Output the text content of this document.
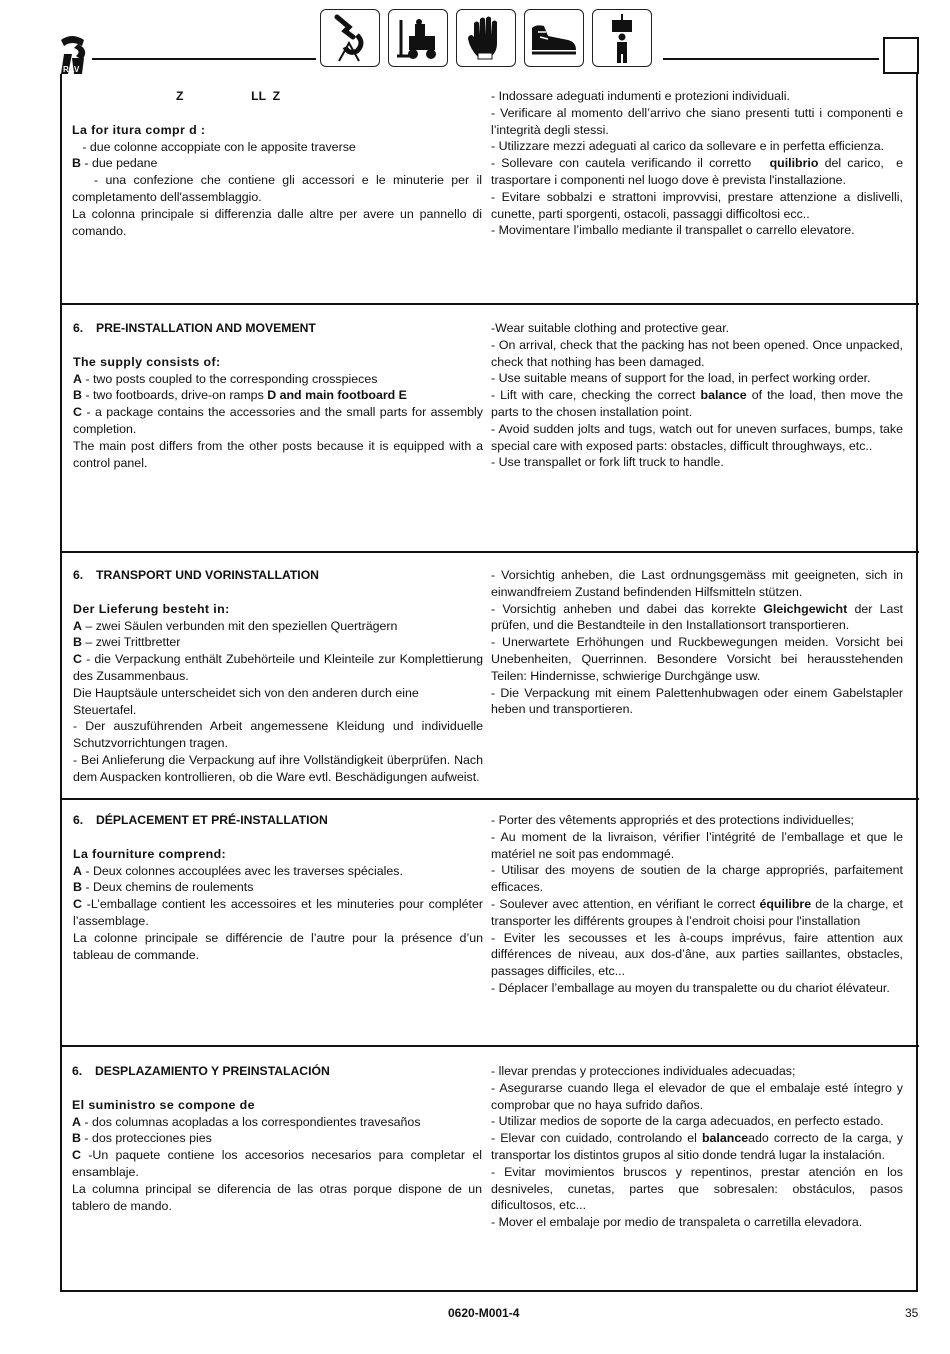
RAV
Z                    LL  Z
La for itura compr d :
- due colonne accoppiate con le apposite traverse
B - due pedane
- una confezione che contiene gli accessori e le minuterie per il completamento dell'assemblaggio.
La colonna principale si differenzia dalle altre per avere un pannello di comando.
- Indossare adeguati indumenti e protezioni individuali.
- Verificare al momento dell’arrivo che siano presenti tutti i componenti e l’integrità degli stessi.
- Utilizzare mezzi adeguati al carico da sollevare e in perfetta efficienza.
- Sollevare con cautela verificando il corretto   quilibrio del carico,  e trasportare i componenti nel luogo dove è prevista l'installazione.
- Evitare sobbalzi e strattoni improvvisi, prestare attenzione a dislivelli, cunette, parti sporgenti, ostacoli, passaggi difficoltosi ecc..
- Movimentare l’imballo mediante il transpallet o carrello elevatore.
6. PRE-INSTALLATION AND MOVEMENT
The supply consists of:
A - two posts coupled to the corresponding crosspieces
B - two footboards, drive-on ramps D and main footboard E
C - a package contains the accessories and the small parts for assembly completion.
The main post differs from the other posts because it is equipped with a control panel.
-Wear suitable clothing and protective gear.
- On arrival, check that the packing has not been opened. Once unpacked, check that nothing has been damaged.
- Use suitable means of support for the load, in perfect working order.
- Lift with care, checking the correct balance of the load, then move the parts to the chosen installation point.
- Avoid sudden jolts and tugs, watch out for uneven surfaces, bumps, take special care with exposed parts: obstacles, difficult throughways, etc..
- Use transpallet or fork lift truck to handle.
6. TRANSPORT UND VORINSTALLATION
Der Lieferung besteht in:
A – zwei Säulen verbunden mit den speziellen Querträgern
B – zwei Trittbretter
C - die Verpackung enthält Zubehörteile und Kleinteile zur Komplettierung des Zusammenbaus.
Die Hauptsäule unterscheidet sich von den anderen durch eine Steuertafel.
- Der auszuführenden Arbeit angemessene Kleidung und individuelle Schutzvorrichtungen tragen.
- Bei Anlieferung die Verpackung auf ihre Vollständigkeit überprüfen. Nach dem Auspacken kontrollieren, ob die Ware evtl. Beschädigungen aufweist.
- Vorsichtig anheben, die Last ordnungsgemäss mit geeigneten, sich in einwandfreiem Zustand befindenden Hilfsmitteln stützen.
- Vorsichtig anheben und dabei das korrekte Gleichgewicht der Last prüfen, und die Bestandteile in den Installationsort transportieren.
- Unerwartete Erhöhungen und Ruckbewegungen meiden. Vorsicht bei Unebenheiten, Querrinnen. Besondere Vorsicht bei herausstehenden Teilen: Hindernisse, schwierige Durchgänge usw.
- Die Verpackung mit einem Palettenhubwagen oder einem Gabelstapler heben und transportieren.
6. DÉPLACEMENT ET PRÉ-INSTALLATION
La fourniture comprend:
A - Deux colonnes accouplées avec les traverses spéciales.
B - Deux chemins de roulements
C -L’emballage contient les accessoires et les minuteries pour compléter l’assemblage.
La colonne principale se différencie de l’autre pour la présence d’un tableau de commande.
- Porter des vêtements appropriés et des protections individuelles;
- Au moment de la livraison, vérifier l’intégrité de l’emballage et que le matériel ne soit pas endommagé.
- Utilisar des moyens de soutien de la charge appropriés, parfaitement efficaces.
- Soulever avec attention, en vérifiant le correct équilibre de la charge, et transporter les différents groupes à l’endroit choisi pour l'installation
- Eviter les secousses et les à-coups imprévus, faire attention aux différences de niveau, aux dos-d’âne, aux parties saillantes, obstacles, passages difficiles, etc...
- Déplacer l’emballage au moyen du transpalette ou du chariot élévateur.
6. DESPLAZAMIENTO Y PREINSTALACIÓN
El suministro se compone de
A - dos columnas acopladas a los correspondientes travesaños
B - dos protecciones pies
C -Un paquete contiene los accesorios necesarios para completar el ensamblaje.
La columna principal se diferencia de las otras porque dispone de un tablero de mando.
- llevar prendas y protecciones individuales adecuadas;
- Asegurarse cuando llega el elevador de que el embalaje esté íntegro y   comprobar que no haya sufrido daños.
- Utilizar medios de soporte de la carga adecuados, en perfecto estado.
- Elevar con cuidado, controlando el balanceado correcto de la carga, y transportar los distintos grupos al sitio donde tendrá lugar la instalación.
- Evitar movimientos bruscos y repentinos, prestar atención en los desniveles, cunetas, partes que sobresalen: obstáculos, pasos dificultosos, etc...
- Mover el embalaje por medio de transpaleta o carretilla elevadora.
0620-M001-4	35
